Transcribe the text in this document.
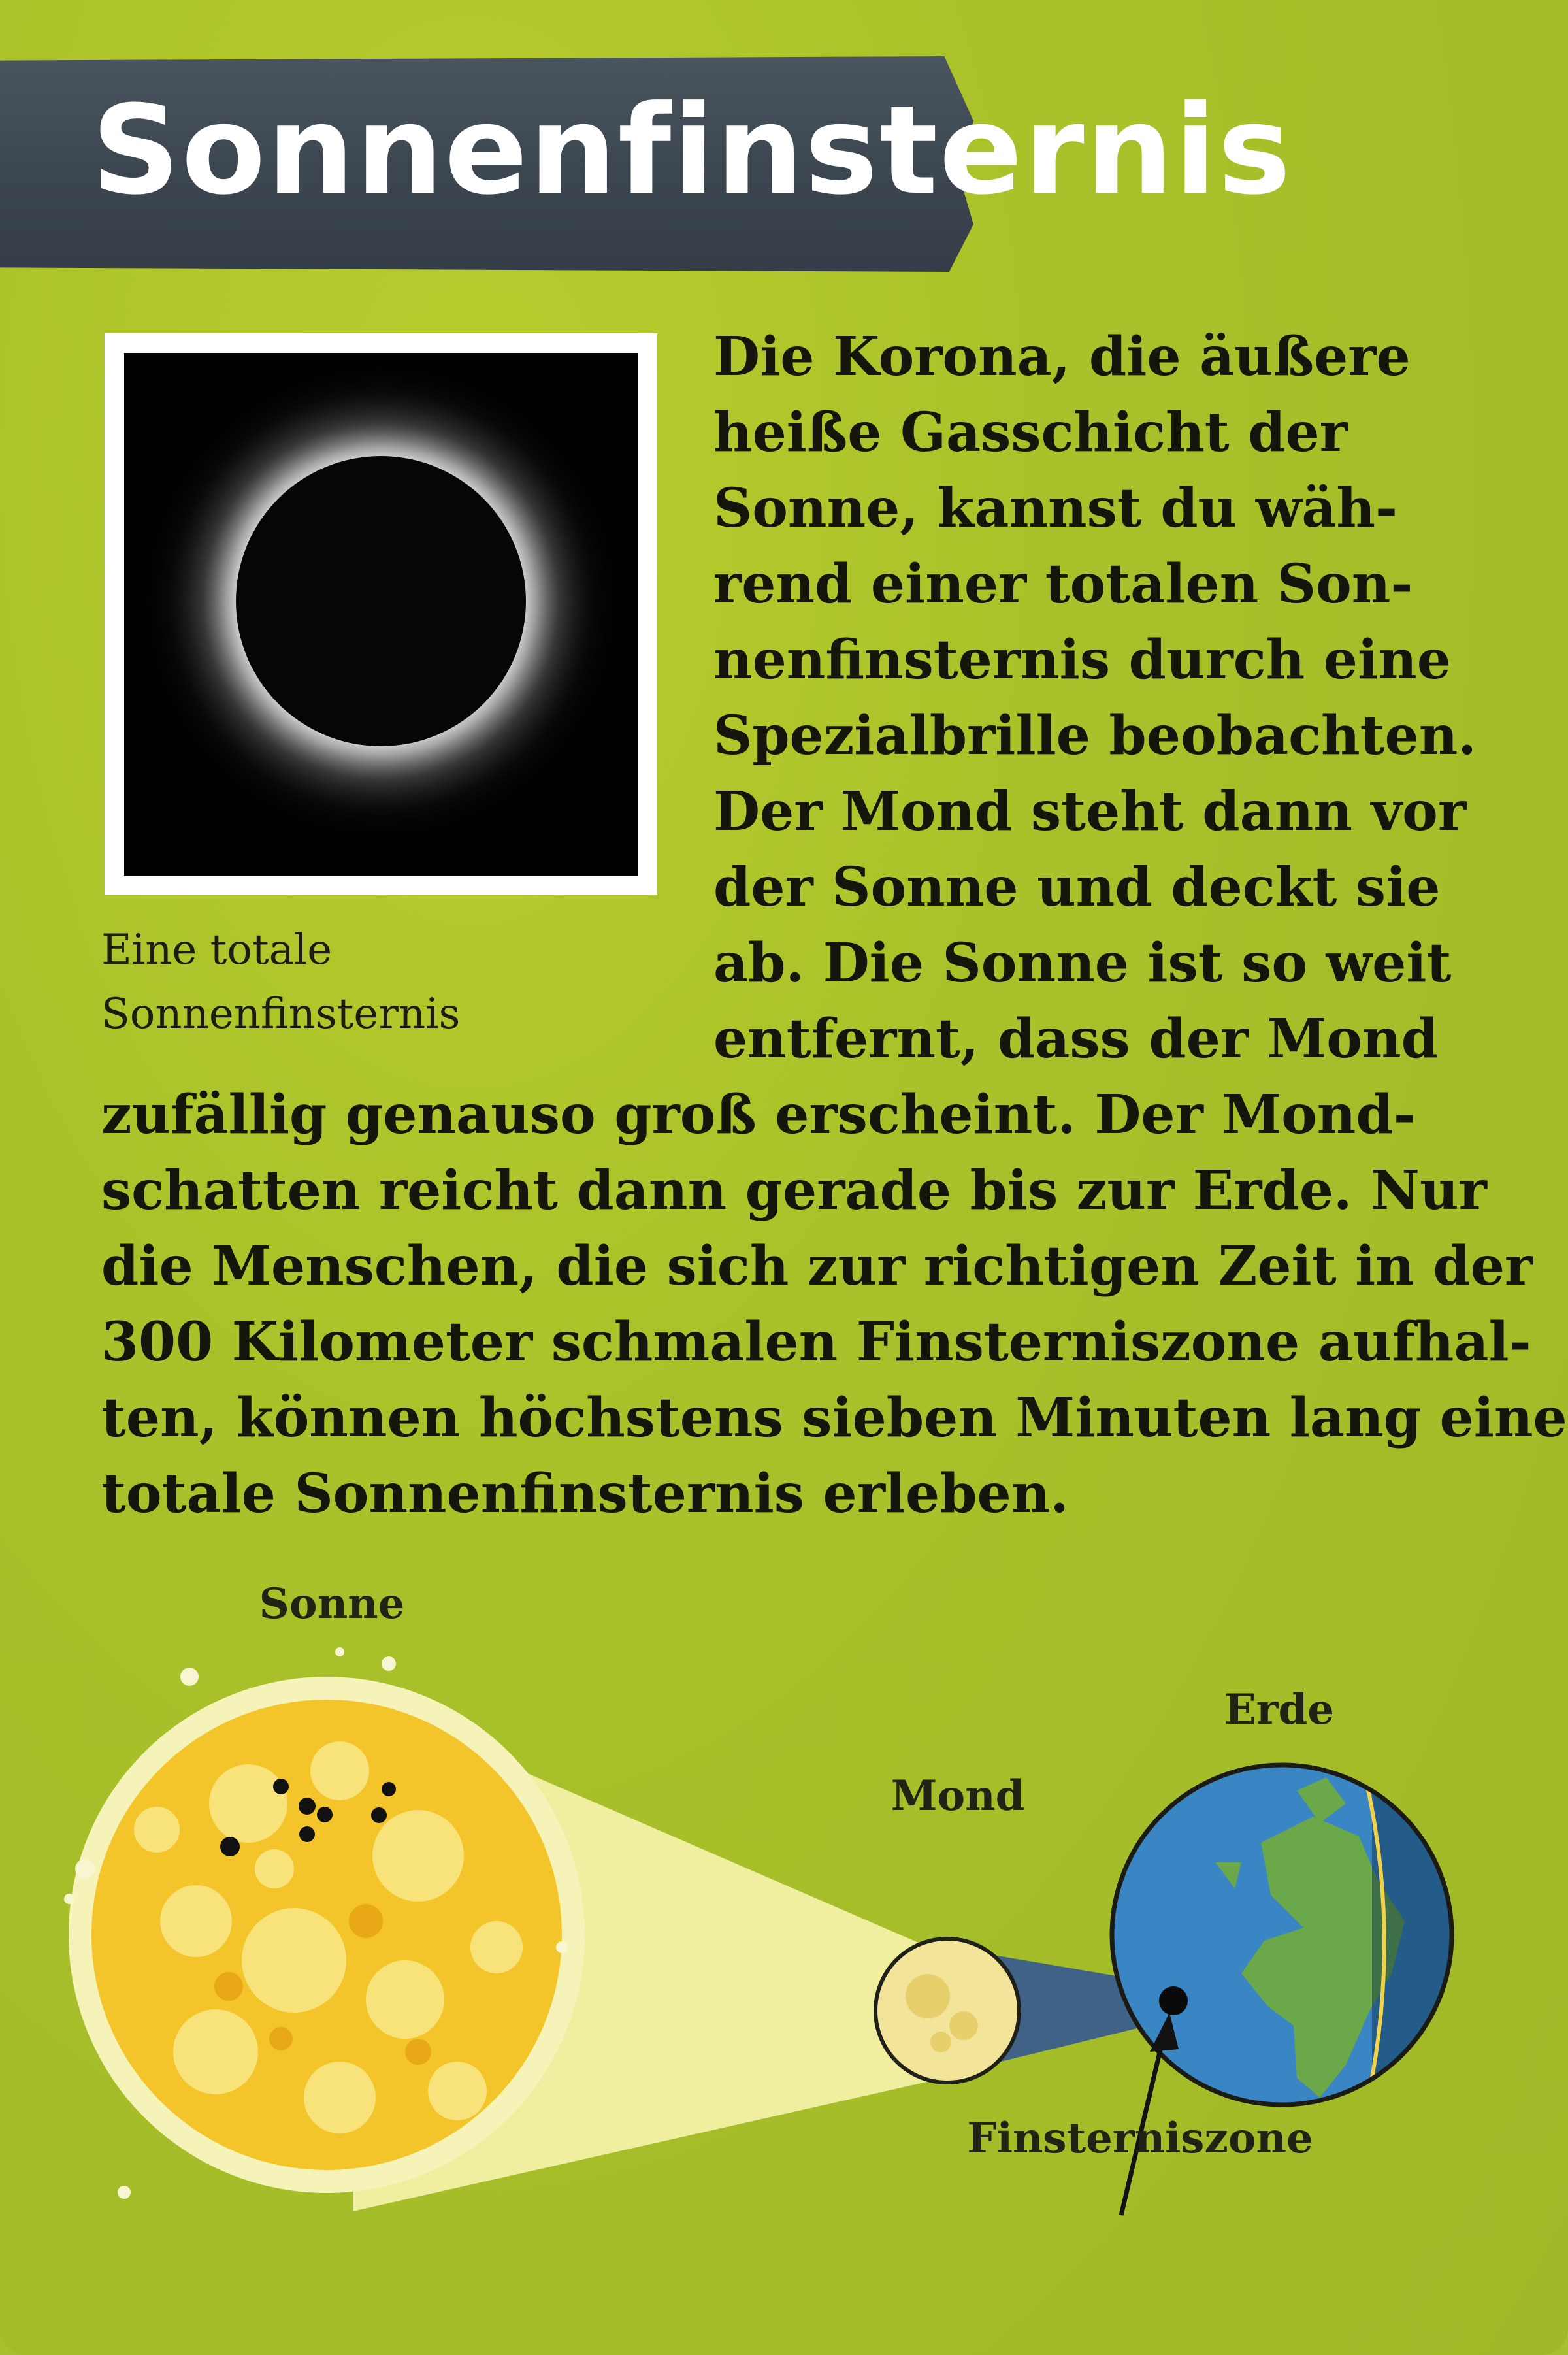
Sonnenfinsternis
Eine totale
Sonnenfinsternis
Die Korona, die äußere
heiße Gasschicht der
Sonne, kannst du wäh-
rend einer totalen Son-
nenfinsternis durch eine
Spezialbrille beobachten.
Der Mond steht dann vor
der Sonne und deckt sie
ab. Die Sonne ist so weit
entfernt, dass der Mond
zufällig genauso groß erscheint. Der Mond-
schatten reicht dann gerade bis zur Erde. Nur
die Menschen, die sich zur richtigen Zeit in der
300 Kilometer schmalen Finsterniszone aufhal-
ten, können höchstens sieben Minuten lang eine
totale Sonnenfinsternis erleben.
Sonne
Mond
Erde
Finsterniszone
